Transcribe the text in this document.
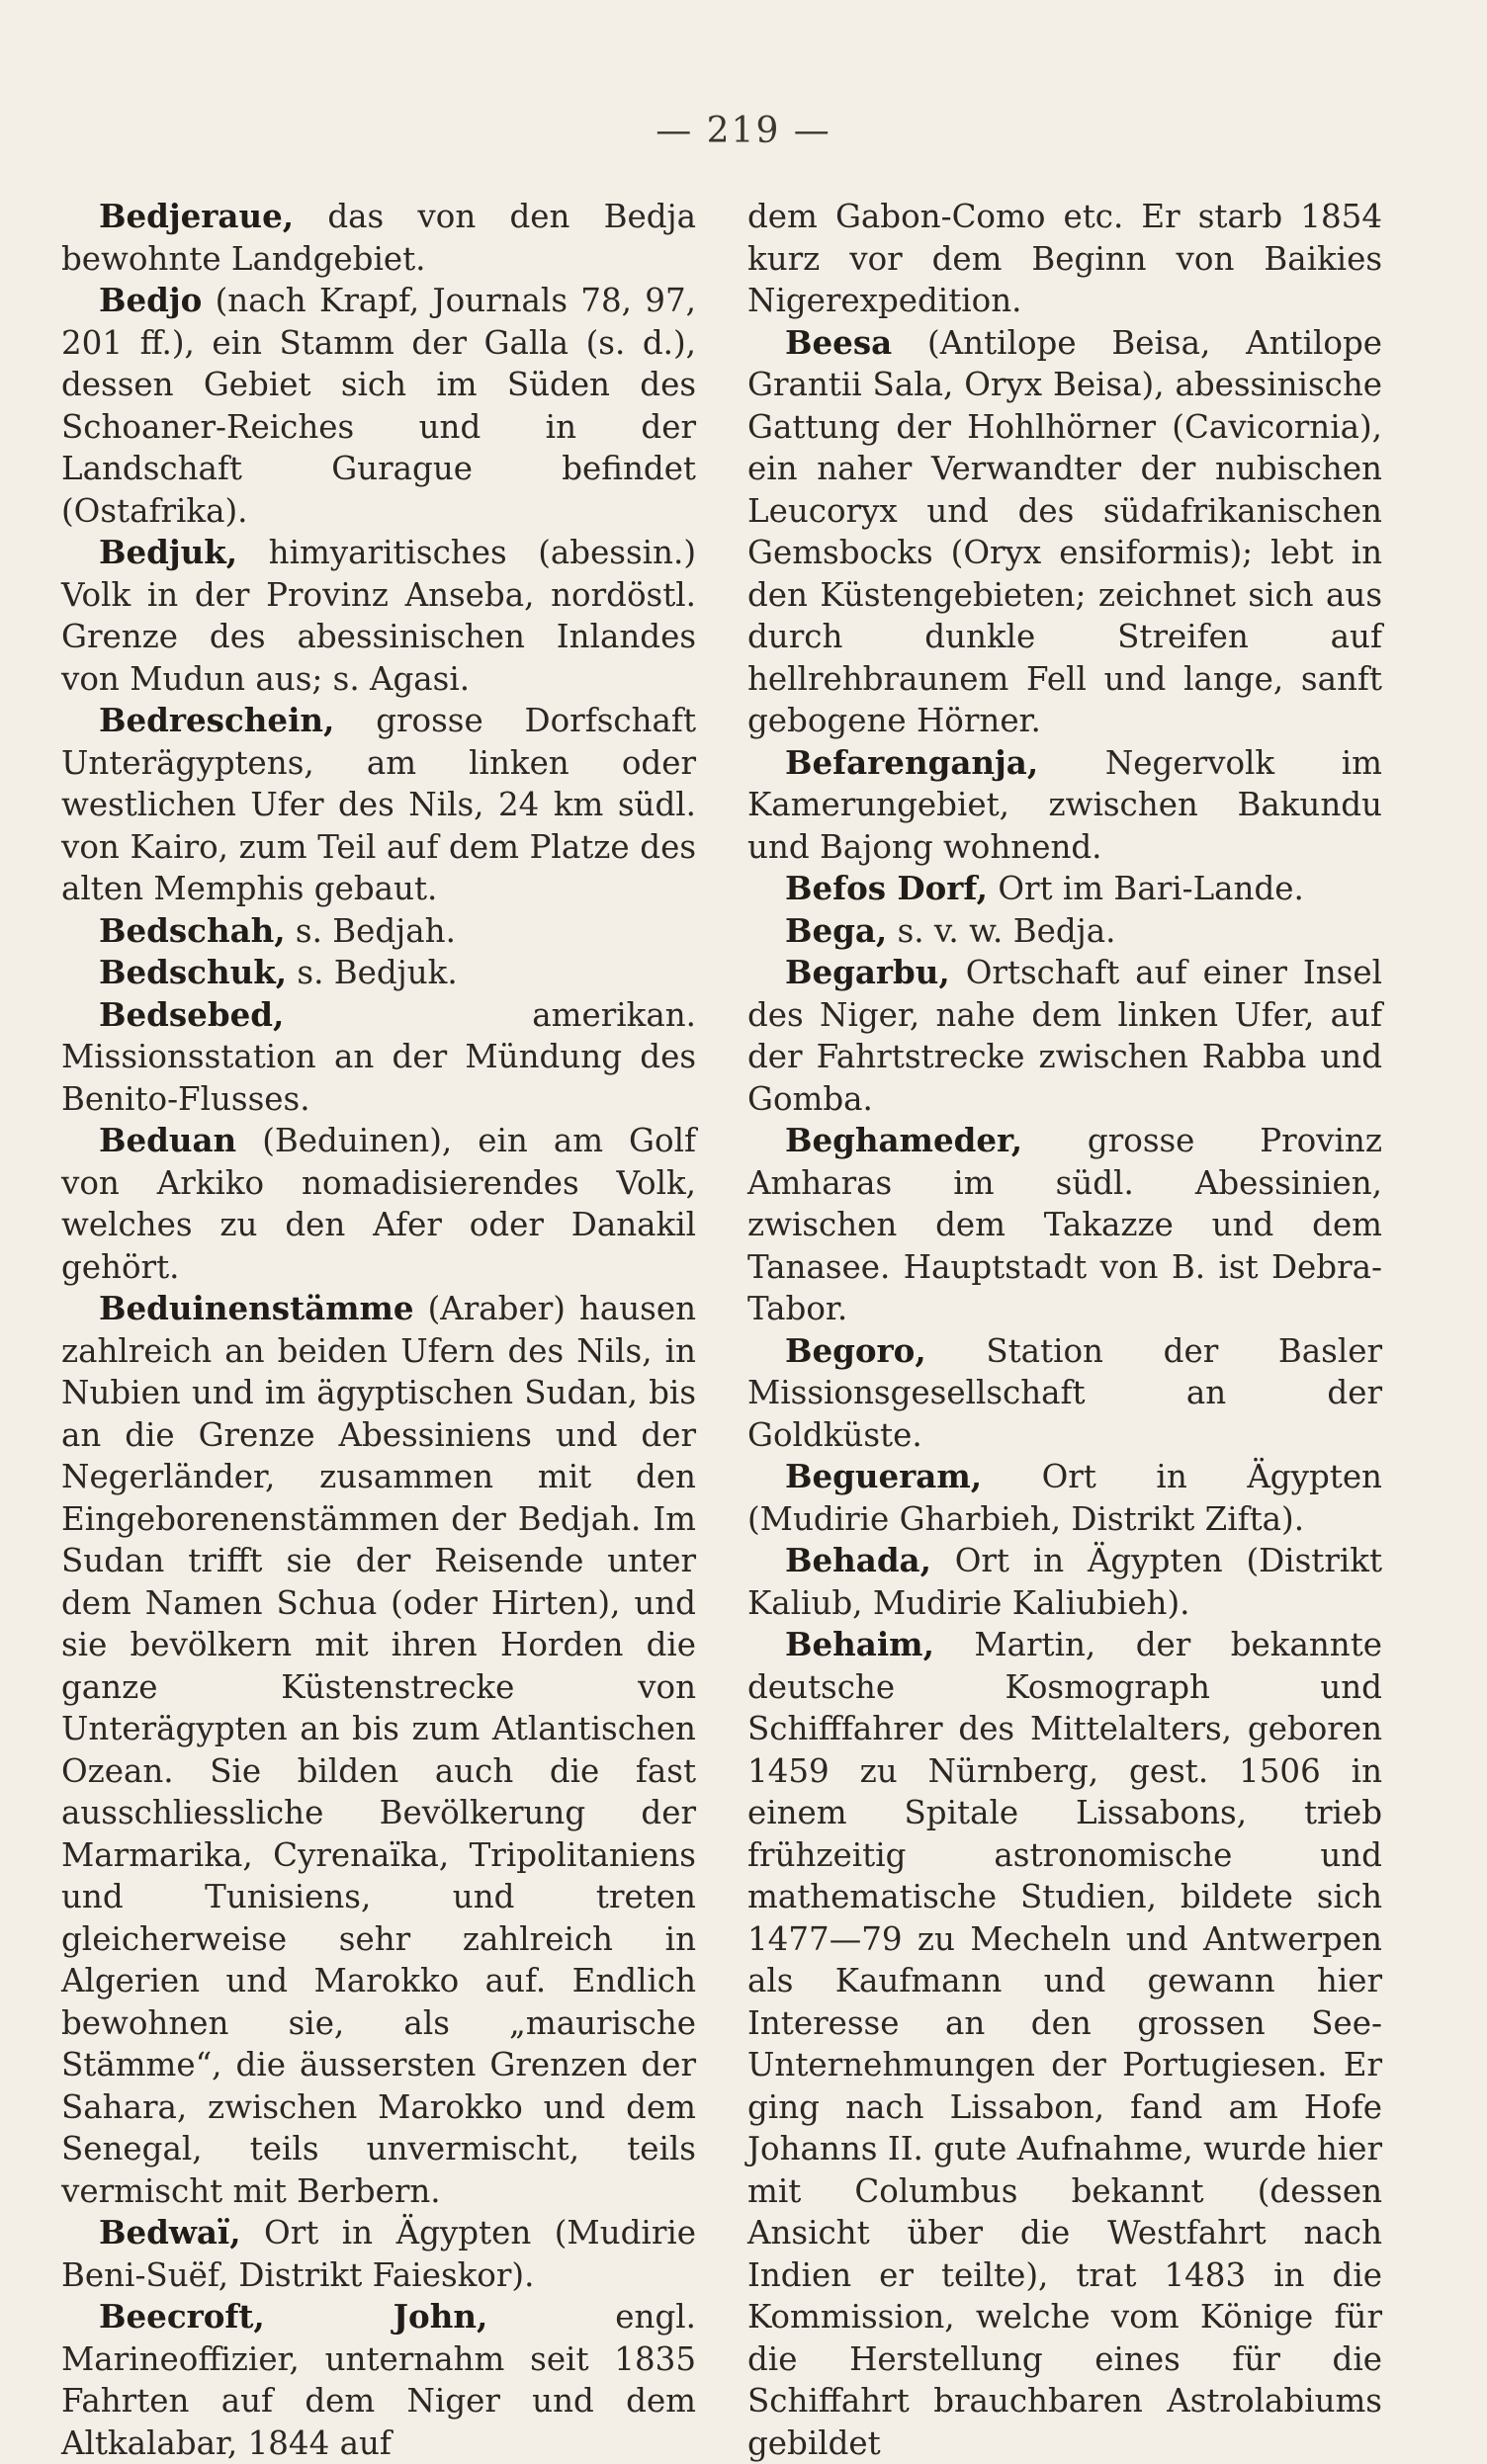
— 219 —

Bedjeraue, das von den Bedja bewohnte Landgebiet.

Bedjo (nach Krapf, Journals 78, 97, 201 ff.), ein Stamm der Galla (s. d.), dessen Gebiet sich im Süden des Schoaner-Reiches und in der Landschaft Gurague befindet (Ostafrika).

Bedjuk, himyaritisches (abessin.) Volk in der Provinz Anseba, nordöstl. Grenze des abessinischen Inlandes von Mudun aus; s. Agasi.

Bedreschein, grosse Dorfschaft Unterägyptens, am linken oder westlichen Ufer des Nils, 24 km südl. von Kairo, zum Teil auf dem Platze des alten Memphis gebaut.

Bedschah, s. Bedjah.

Bedschuk, s. Bedjuk.

Bedsebed, amerikan. Missionsstation an der Mündung des Benito-Flusses.

Beduan (Beduinen), ein am Golf von Arkiko nomadisierendes Volk, welches zu den Afer oder Danakil gehört.

Beduinenstämme (Araber) hausen zahlreich an beiden Ufern des Nils, in Nubien und im ägyptischen Sudan, bis an die Grenze Abessiniens und der Negerländer, zusammen mit den Eingeborenenstämmen der Bedjah. Im Sudan trifft sie der Reisende unter dem Namen Schua (oder Hirten), und sie bevölkern mit ihren Horden die ganze Küstenstrecke von Unterägypten an bis zum Atlantischen Ozean. Sie bilden auch die fast ausschliessliche Bevölkerung der Marmarika, Cyrenaïka, Tripolitaniens und Tunisiens, und treten gleicherweise sehr zahlreich in Algerien und Marokko auf. Endlich bewohnen sie, als „maurische Stämme“, die äussersten Grenzen der Sahara, zwischen Marokko und dem Senegal, teils unvermischt, teils vermischt mit Berbern.

Bedwaï, Ort in Ägypten (Mudirie Beni-Suëf, Distrikt Faieskor).

Beecroft, John, engl. Marineoffizier, unternahm seit 1835 Fahrten auf dem Niger und dem Altkalabar, 1844 auf

dem Gabon-Como etc. Er starb 1854 kurz vor dem Beginn von Baikies Nigerexpedition.

Beesa (Antilope Beisa, Antilope Grantii Sala, Oryx Beisa), abessinische Gattung der Hohlhörner (Cavicornia), ein naher Verwandter der nubischen Leucoryx und des südafrikanischen Gemsbocks (Oryx ensiformis); lebt in den Küstengebieten; zeichnet sich aus durch dunkle Streifen auf hellrehbraunem Fell und lange, sanft gebogene Hörner.

Befarenganja, Negervolk im Kamerungebiet, zwischen Bakundu und Bajong wohnend.

Befos Dorf, Ort im Bari-Lande.

Bega, s. v. w. Bedja.

Begarbu, Ortschaft auf einer Insel des Niger, nahe dem linken Ufer, auf der Fahrtstrecke zwischen Rabba und Gomba.

Beghameder, grosse Provinz Amharas im südl. Abessinien, zwischen dem Takazze und dem Tanasee. Hauptstadt von B. ist Debra-Tabor.

Begoro, Station der Basler Missionsgesellschaft an der Goldküste.

Begueram, Ort in Ägypten (Mudirie Gharbieh, Distrikt Zifta).

Behada, Ort in Ägypten (Distrikt Kaliub, Mudirie Kaliubieh).

Behaim, Martin, der bekannte deutsche Kosmograph und Schifffahrer des Mittelalters, geboren 1459 zu Nürnberg, gest. 1506 in einem Spitale Lissabons, trieb frühzeitig astronomische und mathematische Studien, bildete sich 1477—79 zu Mecheln und Antwerpen als Kaufmann und gewann hier Interesse an den grossen See-Unternehmungen der Portugiesen. Er ging nach Lissabon, fand am Hofe Johanns II. gute Aufnahme, wurde hier mit Columbus bekannt (dessen Ansicht über die Westfahrt nach Indien er teilte), trat 1483 in die Kommission, welche vom Könige für die Herstellung eines für die Schiffahrt brauchbaren Astrolabiums gebildet
